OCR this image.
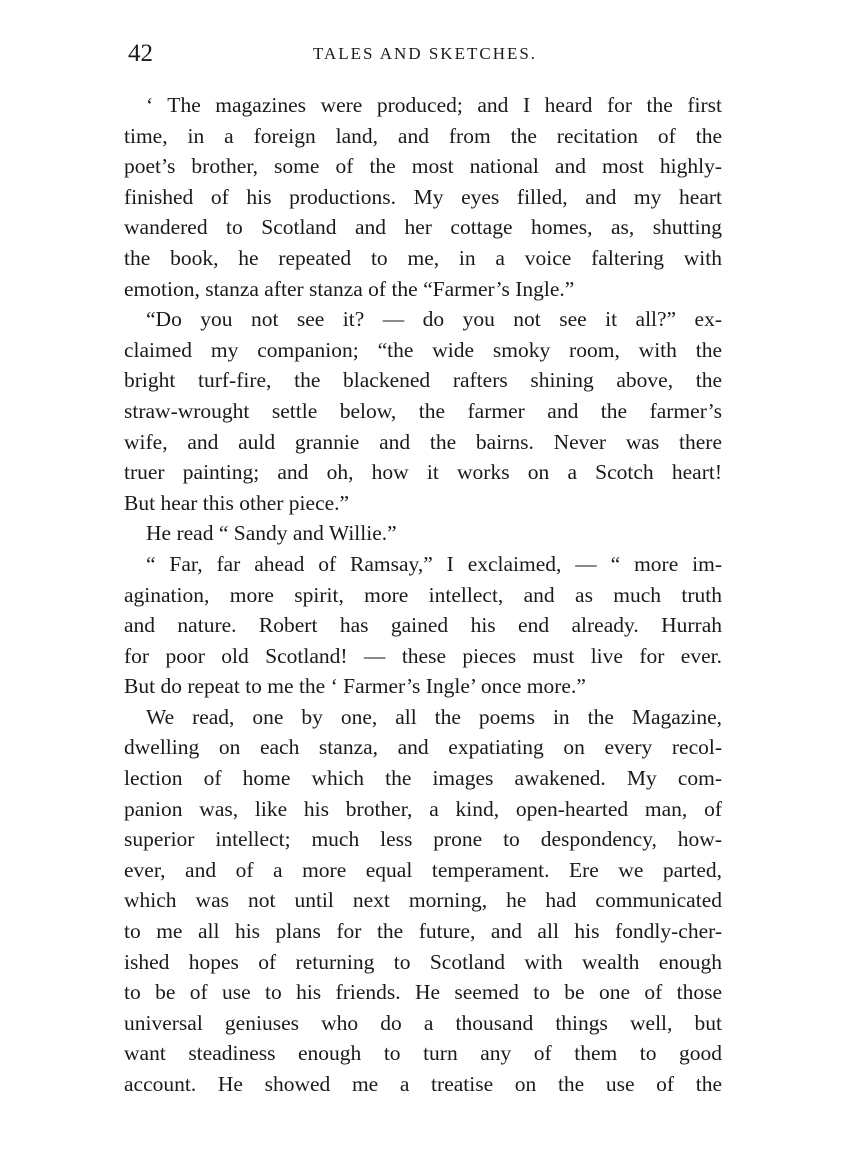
42	TALES AND SKETCHES.
‘ The magazines were produced; and I heard for the first
time, in a foreign land, and from the recitation of the
poet’s brother, some of the most national and most highly-
finished of his productions. My eyes filled, and my heart
wandered to Scotland and her cottage homes, as, shutting
the book, he repeated to me, in a voice faltering with
emotion, stanza after stanza of the “Farmer’s Ingle.”
“Do you not see it? — do you not see it all?” ex-
claimed my companion; “the wide smoky room, with the
bright turf-fire, the blackened rafters shining above, the
straw-wrought settle below, the farmer and the farmer’s
wife, and auld grannie and the bairns. Never was there
truer painting; and oh, how it works on a Scotch heart!
But hear this other piece.”
He read “ Sandy and Willie.”
“ Far, far ahead of Ramsay,” I exclaimed, — “ more im-
agination, more spirit, more intellect, and as much truth
and nature. Robert has gained his end already. Hurrah
for poor old Scotland! — these pieces must live for ever.
But do repeat to me the ‘ Farmer’s Ingle’ once more.”
We read, one by one, all the poems in the Magazine,
dwelling on each stanza, and expatiating on every recol-
lection of home which the images awakened. My com-
panion was, like his brother, a kind, open-hearted man, of
superior intellect; much less prone to despondency, how-
ever, and of a more equal temperament. Ere we parted,
which was not until next morning, he had communicated
to me all his plans for the future, and all his fondly-cher-
ished hopes of returning to Scotland with wealth enough
to be of use to his friends. He seemed to be one of those
universal geniuses who do a thousand things well, but
want steadiness enough to turn any of them to good
account. He showed me a treatise on the use of the
